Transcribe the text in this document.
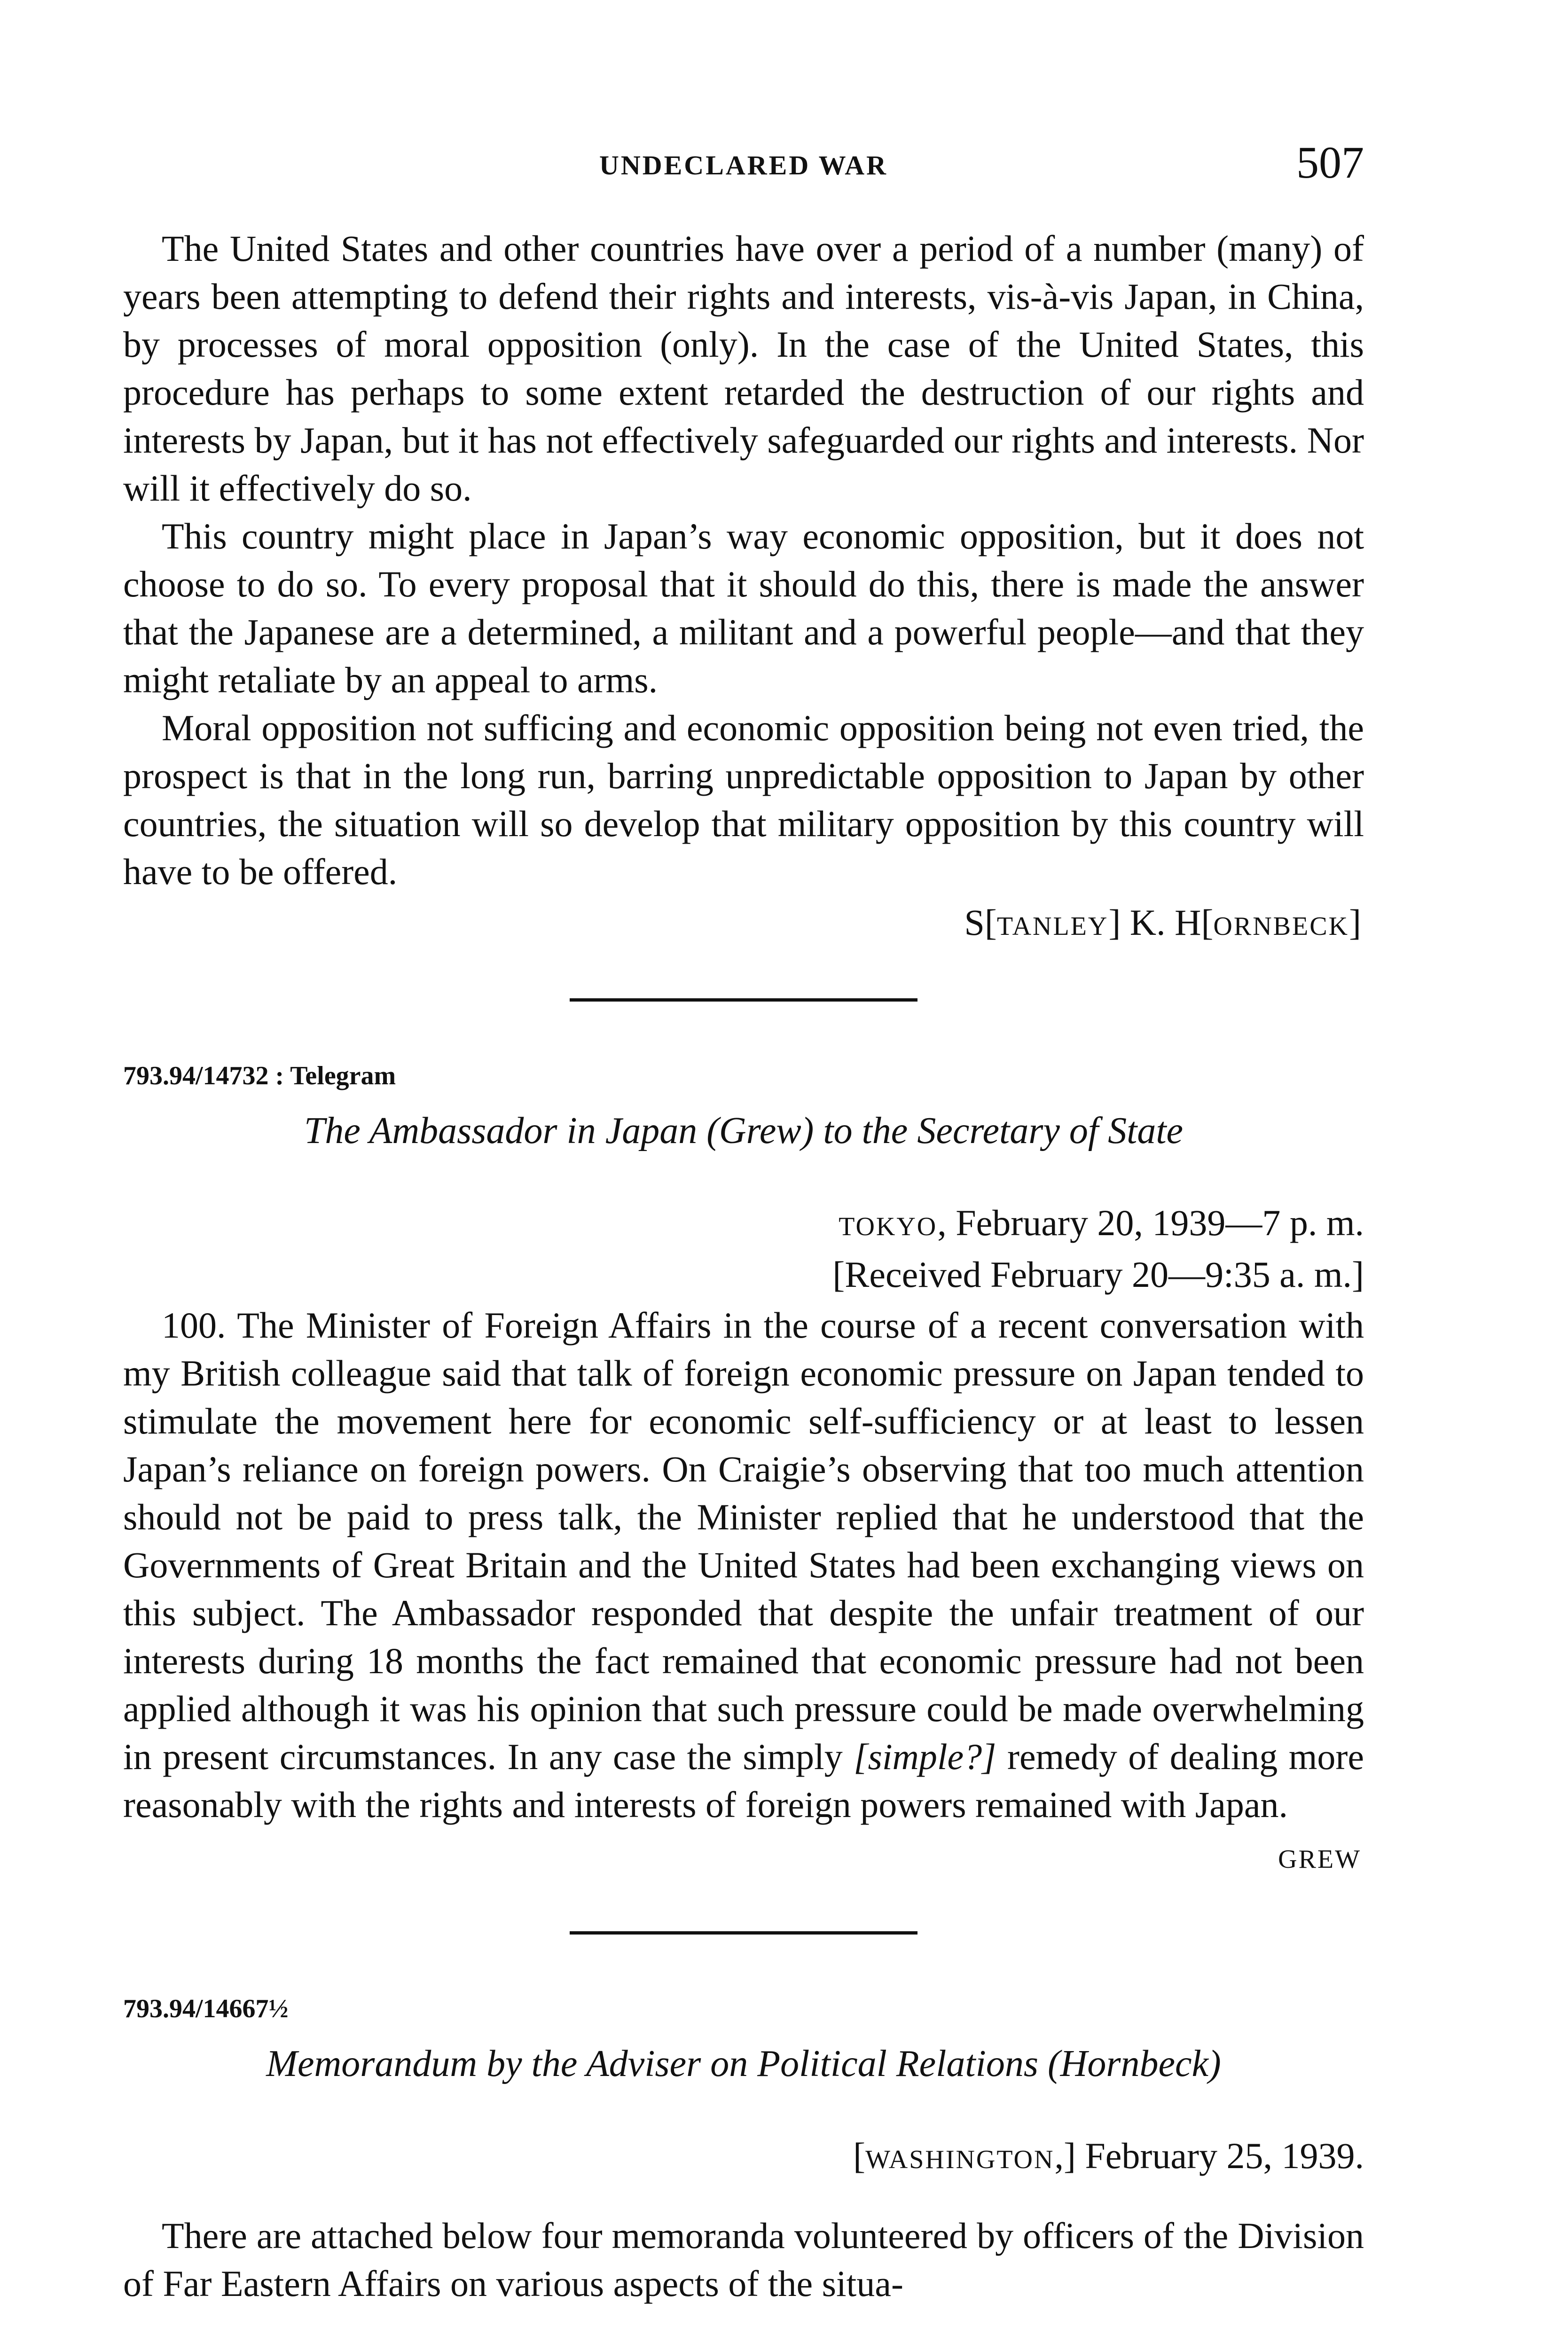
UNDECLARED WAR	507

The United States and other countries have over a period of a number (many) of years been attempting to defend their rights and interests, vis-à-vis Japan, in China, by processes of moral opposition (only). In the case of the United States, this procedure has perhaps to some extent retarded the destruction of our rights and interests by Japan, but it has not effectively safeguarded our rights and interests. Nor will it effectively do so.

This country might place in Japan’s way economic opposition, but it does not choose to do so. To every proposal that it should do this, there is made the answer that the Japanese are a determined, a militant and a powerful people—and that they might retaliate by an appeal to arms.

Moral opposition not sufficing and economic opposition being not even tried, the prospect is that in the long run, barring unpredictable opposition to Japan by other countries, the situation will so develop that military opposition by this country will have to be offered.

S[TANLEY] K. H[ORNBECK]

793.94/14732 : Telegram

The Ambassador in Japan (Grew) to the Secretary of State

TOKYO, February 20, 1939—7 p. m.

[Received February 20—9:35 a. m.]

100. The Minister of Foreign Affairs in the course of a recent conversation with my British colleague said that talk of foreign economic pressure on Japan tended to stimulate the movement here for economic self-sufficiency or at least to lessen Japan’s reliance on foreign powers. On Craigie’s observing that too much attention should not be paid to press talk, the Minister replied that he understood that the Governments of Great Britain and the United States had been exchanging views on this subject. The Ambassador responded that despite the unfair treatment of our interests during 18 months the fact remained that economic pressure had not been applied although it was his opinion that such pressure could be made overwhelming in present circumstances. In any case the simply [simple?] remedy of dealing more reasonably with the rights and interests of foreign powers remained with Japan.

GREW

793.94/14667½

Memorandum by the Adviser on Political Relations (Hornbeck)

[WASHINGTON,] February 25, 1939.

There are attached below four memoranda volunteered by officers of the Division of Far Eastern Affairs on various aspects of the situa-
